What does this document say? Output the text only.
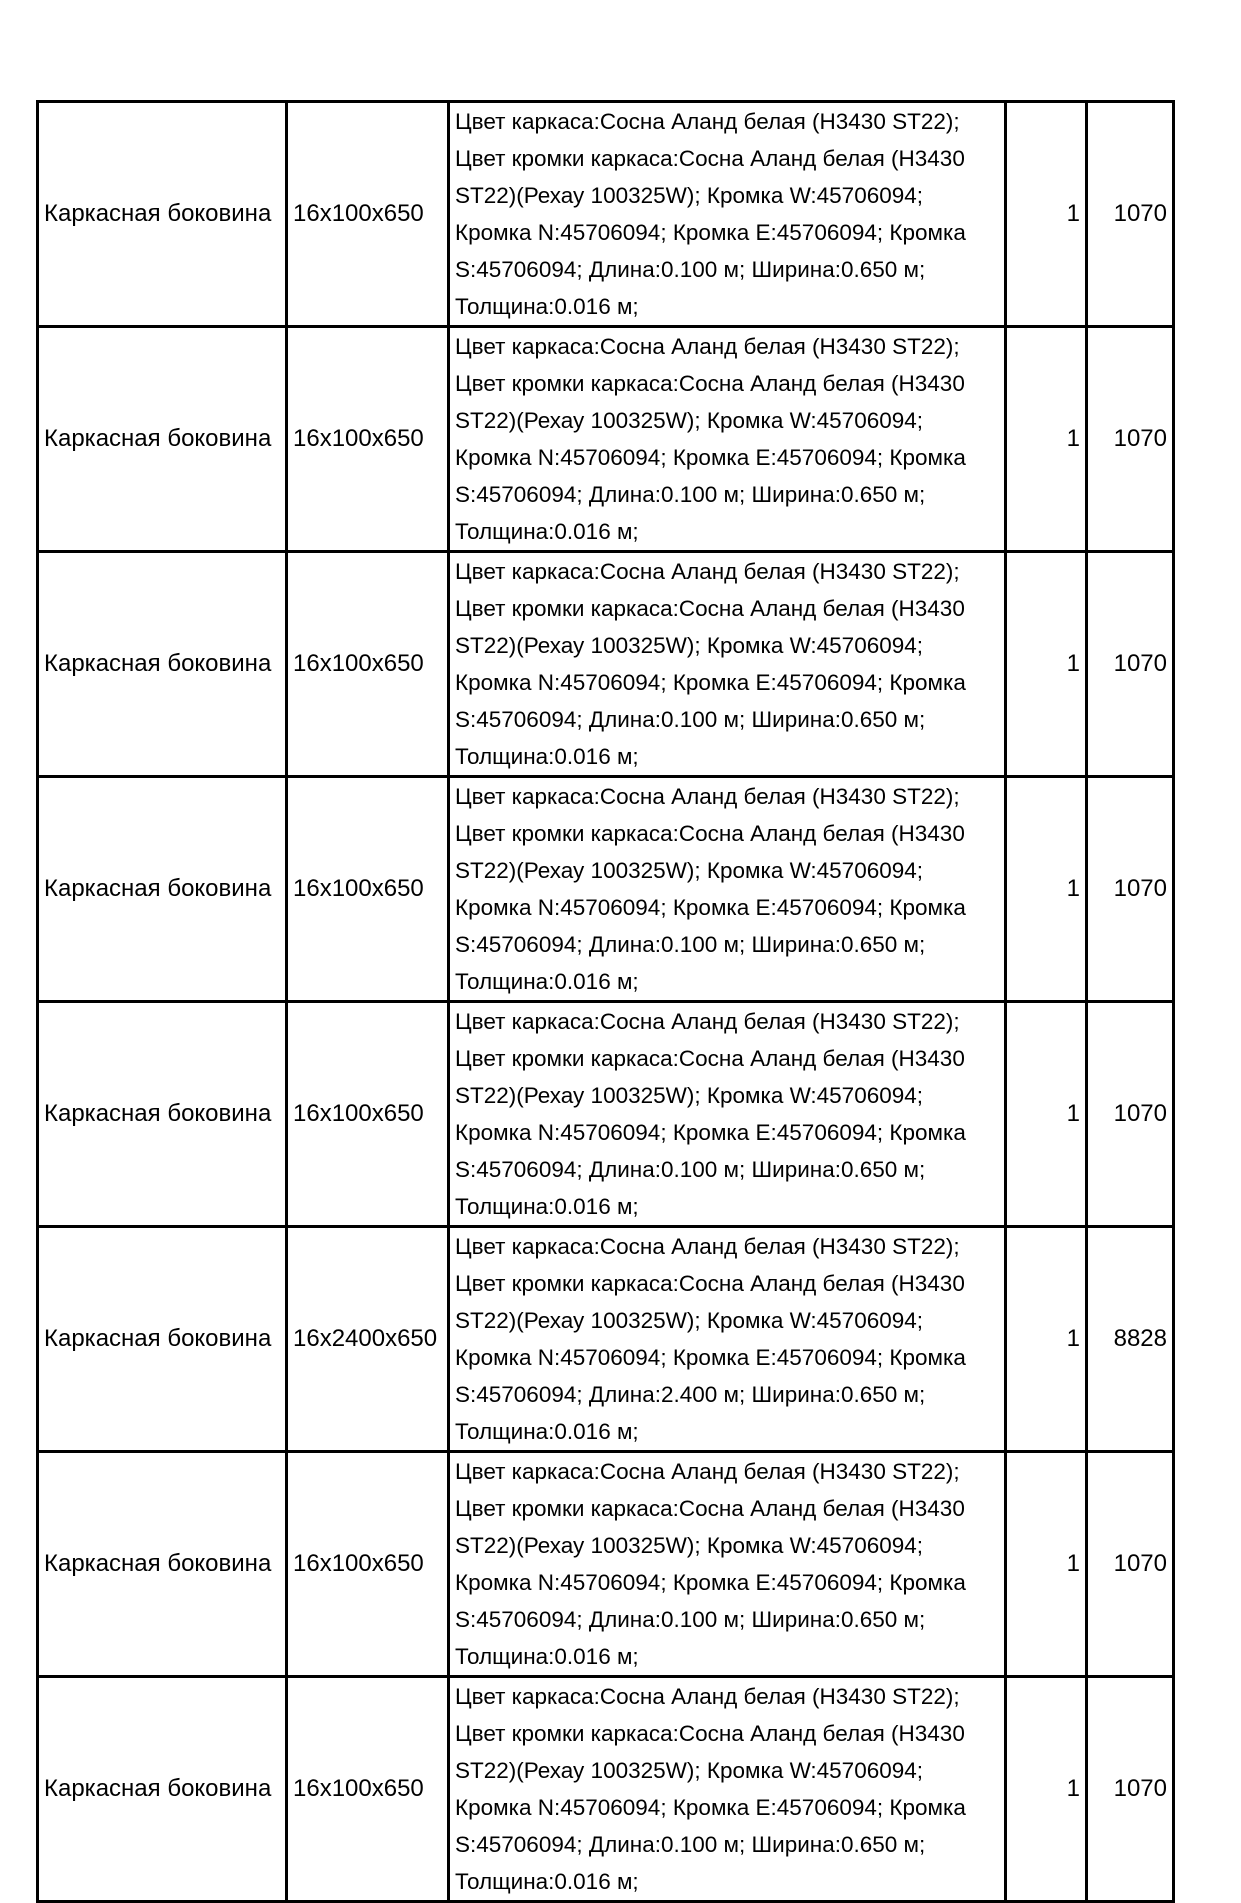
Каркасная боковина	16x100x650	Цвет каркаса:Сосна Аланд белая (H3430 ST22); Цвет кромки каркаса:Сосна Аланд белая (H3430 ST22)(Рехау 100325W); Кромка W:45706094; Кромка N:45706094; Кромка E:45706094; Кромка S:45706094; Длина:0.100 м; Ширина:0.650 м; Толщина:0.016 м;	1	1070
Каркасная боковина	16x100x650	Цвет каркаса:Сосна Аланд белая (H3430 ST22); Цвет кромки каркаса:Сосна Аланд белая (H3430 ST22)(Рехау 100325W); Кромка W:45706094; Кромка N:45706094; Кромка E:45706094; Кромка S:45706094; Длина:0.100 м; Ширина:0.650 м; Толщина:0.016 м;	1	1070
Каркасная боковина	16x100x650	Цвет каркаса:Сосна Аланд белая (H3430 ST22); Цвет кромки каркаса:Сосна Аланд белая (H3430 ST22)(Рехау 100325W); Кромка W:45706094; Кромка N:45706094; Кромка E:45706094; Кромка S:45706094; Длина:0.100 м; Ширина:0.650 м; Толщина:0.016 м;	1	1070
Каркасная боковина	16x100x650	Цвет каркаса:Сосна Аланд белая (H3430 ST22); Цвет кромки каркаса:Сосна Аланд белая (H3430 ST22)(Рехау 100325W); Кромка W:45706094; Кромка N:45706094; Кромка E:45706094; Кромка S:45706094; Длина:0.100 м; Ширина:0.650 м; Толщина:0.016 м;	1	1070
Каркасная боковина	16x100x650	Цвет каркаса:Сосна Аланд белая (H3430 ST22); Цвет кромки каркаса:Сосна Аланд белая (H3430 ST22)(Рехау 100325W); Кромка W:45706094; Кромка N:45706094; Кромка E:45706094; Кромка S:45706094; Длина:0.100 м; Ширина:0.650 м; Толщина:0.016 м;	1	1070
Каркасная боковина	16x2400x650	Цвет каркаса:Сосна Аланд белая (H3430 ST22); Цвет кромки каркаса:Сосна Аланд белая (H3430 ST22)(Рехау 100325W); Кромка W:45706094; Кромка N:45706094; Кромка E:45706094; Кромка S:45706094; Длина:2.400 м; Ширина:0.650 м; Толщина:0.016 м;	1	8828
Каркасная боковина	16x100x650	Цвет каркаса:Сосна Аланд белая (H3430 ST22); Цвет кромки каркаса:Сосна Аланд белая (H3430 ST22)(Рехау 100325W); Кромка W:45706094; Кромка N:45706094; Кромка E:45706094; Кромка S:45706094; Длина:0.100 м; Ширина:0.650 м; Толщина:0.016 м;	1	1070
Каркасная боковина	16x100x650	Цвет каркаса:Сосна Аланд белая (H3430 ST22); Цвет кромки каркаса:Сосна Аланд белая (H3430 ST22)(Рехау 100325W); Кромка W:45706094; Кромка N:45706094; Кромка E:45706094; Кромка S:45706094; Длина:0.100 м; Ширина:0.650 м; Толщина:0.016 м;	1	1070
